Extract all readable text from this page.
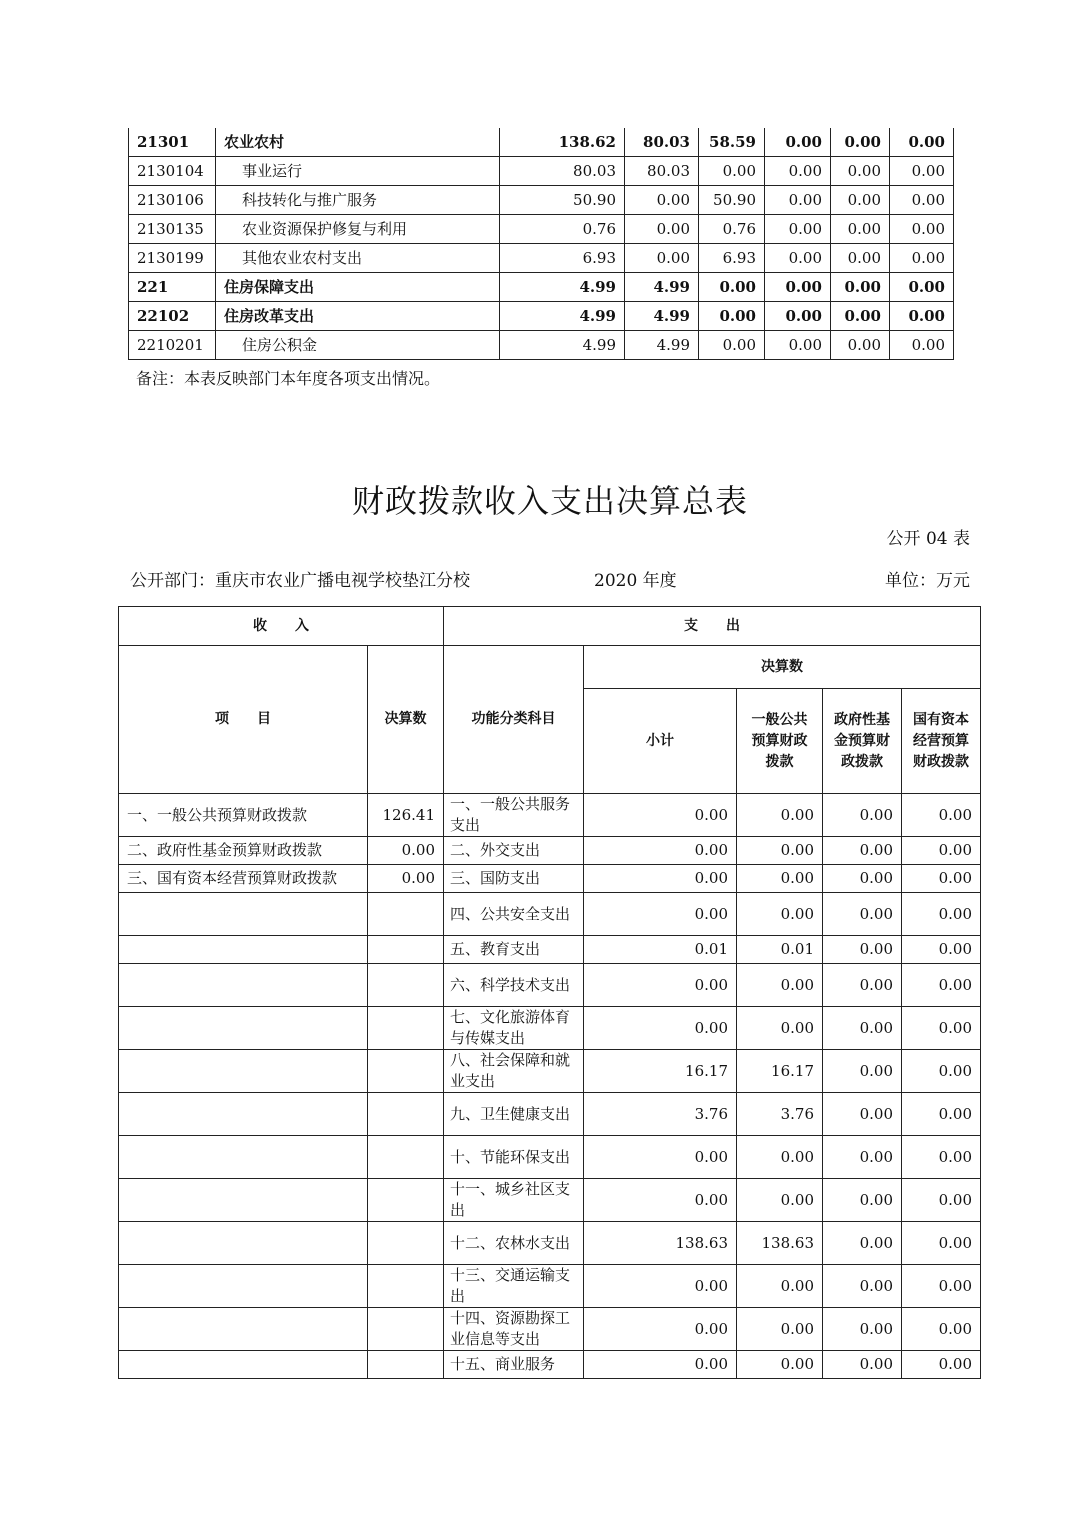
21301	农业农村	138.62	80.03	58.59	0.00	0.00	0.00
2130104	事业运行	80.03	80.03	0.00	0.00	0.00	0.00
2130106	科技转化与推广服务	50.90	0.00	50.90	0.00	0.00	0.00
2130135	农业资源保护修复与利用	0.76	0.00	0.76	0.00	0.00	0.00
2130199	其他农业农村支出	6.93	0.00	6.93	0.00	0.00	0.00
221	住房保障支出	4.99	4.99	0.00	0.00	0.00	0.00
22102	住房改革支出	4.99	4.99	0.00	0.00	0.00	0.00
2210201	住房公积金	4.99	4.99	0.00	0.00	0.00	0.00
备注：本表反映部门本年度各项支出情况。
财政拨款收入支出决算总表
公开 04 表
公开部门：重庆市农业广播电视学校垫江分校	2020 年度	单位：万元
收　　入		支　　出				
项　　目	决算数	功能分类科目	决算数			
			小计	一般公共预算财政拨款	政府性基金预算财政拨款	国有资本经营预算财政拨款
一、一般公共预算财政拨款	126.41	一、一般公共服务支出	0.00	0.00	0.00	0.00
二、政府性基金预算财政拨款	0.00	二、外交支出	0.00	0.00	0.00	0.00
三、国有资本经营预算财政拨款	0.00	三、国防支出	0.00	0.00	0.00	0.00
		四、公共安全支出	0.00	0.00	0.00	0.00
		五、教育支出	0.01	0.01	0.00	0.00
		六、科学技术支出	0.00	0.00	0.00	0.00
		七、文化旅游体育与传媒支出	0.00	0.00	0.00	0.00
		八、社会保障和就业支出	16.17	16.17	0.00	0.00
		九、卫生健康支出	3.76	3.76	0.00	0.00
		十、节能环保支出	0.00	0.00	0.00	0.00
		十一、城乡社区支出	0.00	0.00	0.00	0.00
		十二、农林水支出	138.63	138.63	0.00	0.00
		十三、交通运输支出	0.00	0.00	0.00	0.00
		十四、资源勘探工业信息等支出	0.00	0.00	0.00	0.00
		十五、商业服务	0.00	0.00	0.00	0.00
